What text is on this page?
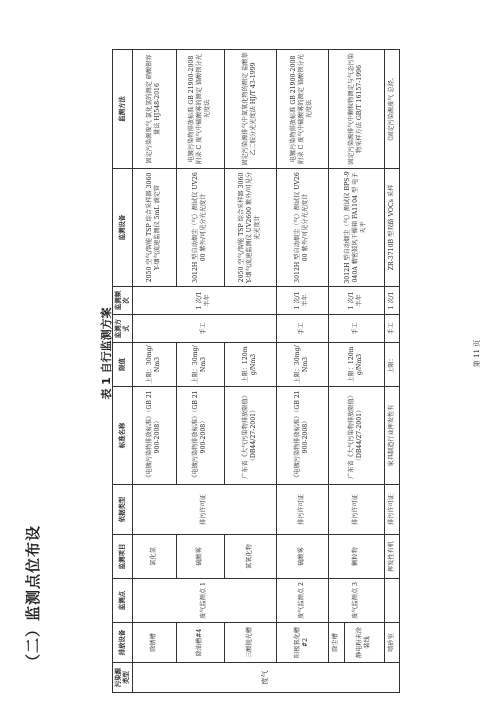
（二）监测点位布设
表 1 自行监测方案
污染源类型	排放设备	监测点	监测项目	依据类型	标准名称	限值	监测方式	监测频次	监测设备	监测方法
废气	除锈槽	废气监测点 1	氯化氢	排污许可证	《电镀污染物排放标准》（GB 21900-2008）	上限：30mg/Nm3	手工	1 次/1 半年	2050 空气/智能 TSP 综合采样器 3060Y-烟气流速监测仪 5mL 滴定管	固定污染源废气 氯化氢的测定 硝酸银容量法 HJ548-2016
	除油槽#4		硫酸雾		《电镀污染物排放标准》（GB 21900-2008）	上限：30mg/Nm3			3012H 型自动烟尘（气）测试仪 UV2600 紫外/可见分光光度计	电镀污染物排放标准 GB 21900-2008 附录 C 废气中硫酸雾的测定 铬酸钡分光光度法
	三酸抛光槽		氮氧化物		广东省《大气污染物排放限值》（DB44/27-2001）	上限：120mg/Nm3			2050 空气/智能 TSP 综合采样器 3060Y-烟气流速监测仪 UV2600 紫外/可见分光光度计	固定污染源排气中氮氧化物的测定 盐酸萘乙二胺分光光度法 HJ/T 43-1999
	阳极氧化槽#2	废气监测点 2	硫酸雾	排污许可证	《电镀污染物排放标准》（GB 21900-2008）	上限：30mg/Nm3	手工	1 次/1 半年	3012H 型自动烟尘（气）测试仪 UV2600 紫外/可见分光光度计	电镀污染物排放标准 GB 21900-2008 附录 C 废气中硫酸雾的测定 铬酸钡分光光度法
	除尘槽	废气监测点 3	颗粒物	排污许可证	广东省《大气污染物排放限值》（DB44/27-2001）	上限：120mg/Nm3	手工	1 次/1 半年	3012H 型自动烟尘（气）测试仪 BPS-9040A 精密鼓风干燥箱 FA1104 型 电子天平	固定污染源排气中颗粒物测定与气态污染物采样方法 GB/T 16157-1996
	静电粉末涂装线									
	喷砂室		挥发性有机	排污许可证	家具制造行业挥发性有	上限：	手工	1 次/1	ZR-3710B 型双路 VOCs 采样	《固定污染源废气 总烃、
第 11 页
